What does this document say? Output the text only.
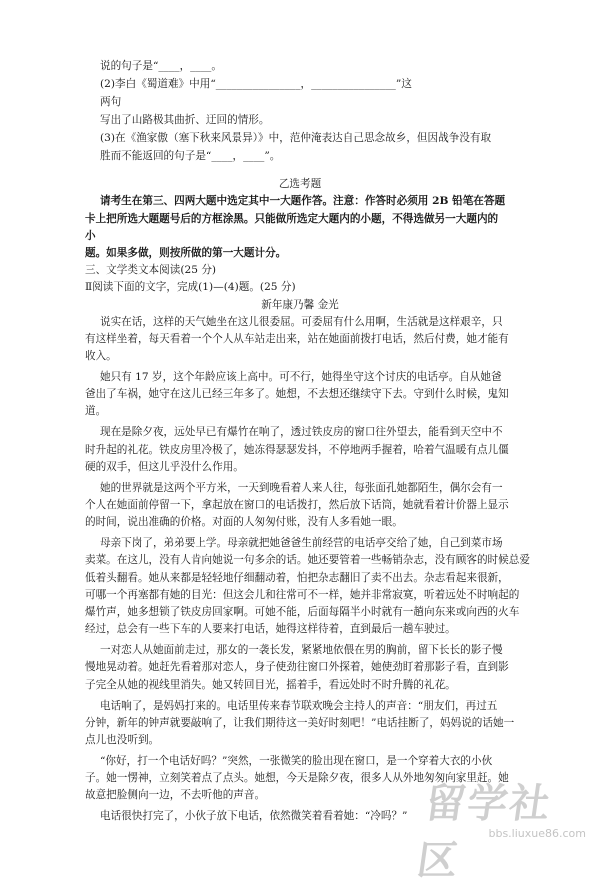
说的句子是“____，____。
(2)李白《蜀道难》中用“________________，________________”这
两句
写出了山路极其曲折、迂回的情形。
(3)在《渔家傲（塞下秋来风景异）》中，范仲淹表达自己思念故乡，但因战争没有取
胜而不能返回的句子是“____，____”。
乙选考题
请考生在第三、四两大题中选定其中一大题作答。注意：作答时必须用 2B 铅笔在答题
卡上把所选大题题号后的方框涂黑。只能做所选定大题内的小题，不得选做另一大题内的
小
题。如果多做，则按所做的第一大题计分。
三、文学类文本阅读(25 分)
Ⅱ阅读下面的文字，完成(1)—(4)题。(25 分)
新年康乃馨 金光
说实在话，这样的天气她坐在这儿很委屈。可委屈有什么用啊，生活就是这样艰辛，只
有这样坐着，每天看着一个个人从车站走出来，站在她面前拨打电话，然后付费，她才能有
收入。
她只有 17 岁，这个年龄应该上高中。可不行，她得坐守这个讨庆的电话亭。自从她爸
爸出了车祸，她守在这儿已经三年多了。她想，不去想还继续守下去。守到什么时候，鬼知
道。
现在是除夕夜，远处早已有爆竹在响了，透过铁皮房的窗口往外望去，能看到天空中不
时升起的礼花。铁皮房里冷极了，她冻得瑟瑟发抖，不停地两手握着，哈着气温暖有点儿僵
硬的双手，但这儿乎没什么作用。
她的世界就是这两个平方米，一天到晚看着人来人往，每张面孔她都陌生，偶尔会有一
个人在她面前停留一下，拿起放在窗口的电话拨打，然后放下话筒，她就看着计价器上显示
的时间，说出准确的价格。对面的人匆匆付账，没有人多看她一眼。
母亲下岗了，弟弟要上学。母亲就把她爸爸生前经营的电话亭交给了她，自己到菜市场
卖菜。在这儿，没有人肯向她说一句多余的话。她还要管着一些畅销杂志，没有顾客的时候总爱
低着头翻看。她从来都是轻轻地仔细翻动着，怕把杂志翻旧了卖不出去。杂志看起来很新，
可哪一个再塞都有她的目光：但这会儿和往常可不一样，她并非常寂寞，听着远处不时响起的
爆竹声，她多想锁了铁皮房回家啊。可她不能，后面每隔半小时就有一趟向东来或向西的火车
经过，总会有一些下车的人要来打电话，她得这样待着，直到最后一趟车驶过。
一对恋人从她面前走过，那女的一袭长发，紧紧地依偎在男的胸前，留下长长的影子慢
慢地晃动着。她赶先看着那对恋人，身子使劲往窗口外探着，她使劲盯着那影子看，直到影
子完全从她的视线里消失。她又转回目光，摇着手，看远处时不时升腾的礼花。
电话响了，是妈妈打来的。电话里传来春节联欢晚会主持人的声音：“朋友们，再过五
分钟，新年的钟声就要敲响了，让我们期待这一美好时刻吧！”电话挂断了，妈妈说的话她一
点儿也没听到。
“你好，打一个电话好吗？”突然，一张微笑的脸出现在窗口，是一个穿着大衣的小伙
子。她一愣神，立刻笑着点了点头。她想，今天是除夕夜，很多人从外地匆匆向家里赶。她
故意把脸侧向一边，不去听他的声音。
电话很快打完了，小伙子放下电话，依然微笑着看着她：“冷吗？” 留学社区
bbs.liuxue86.com
